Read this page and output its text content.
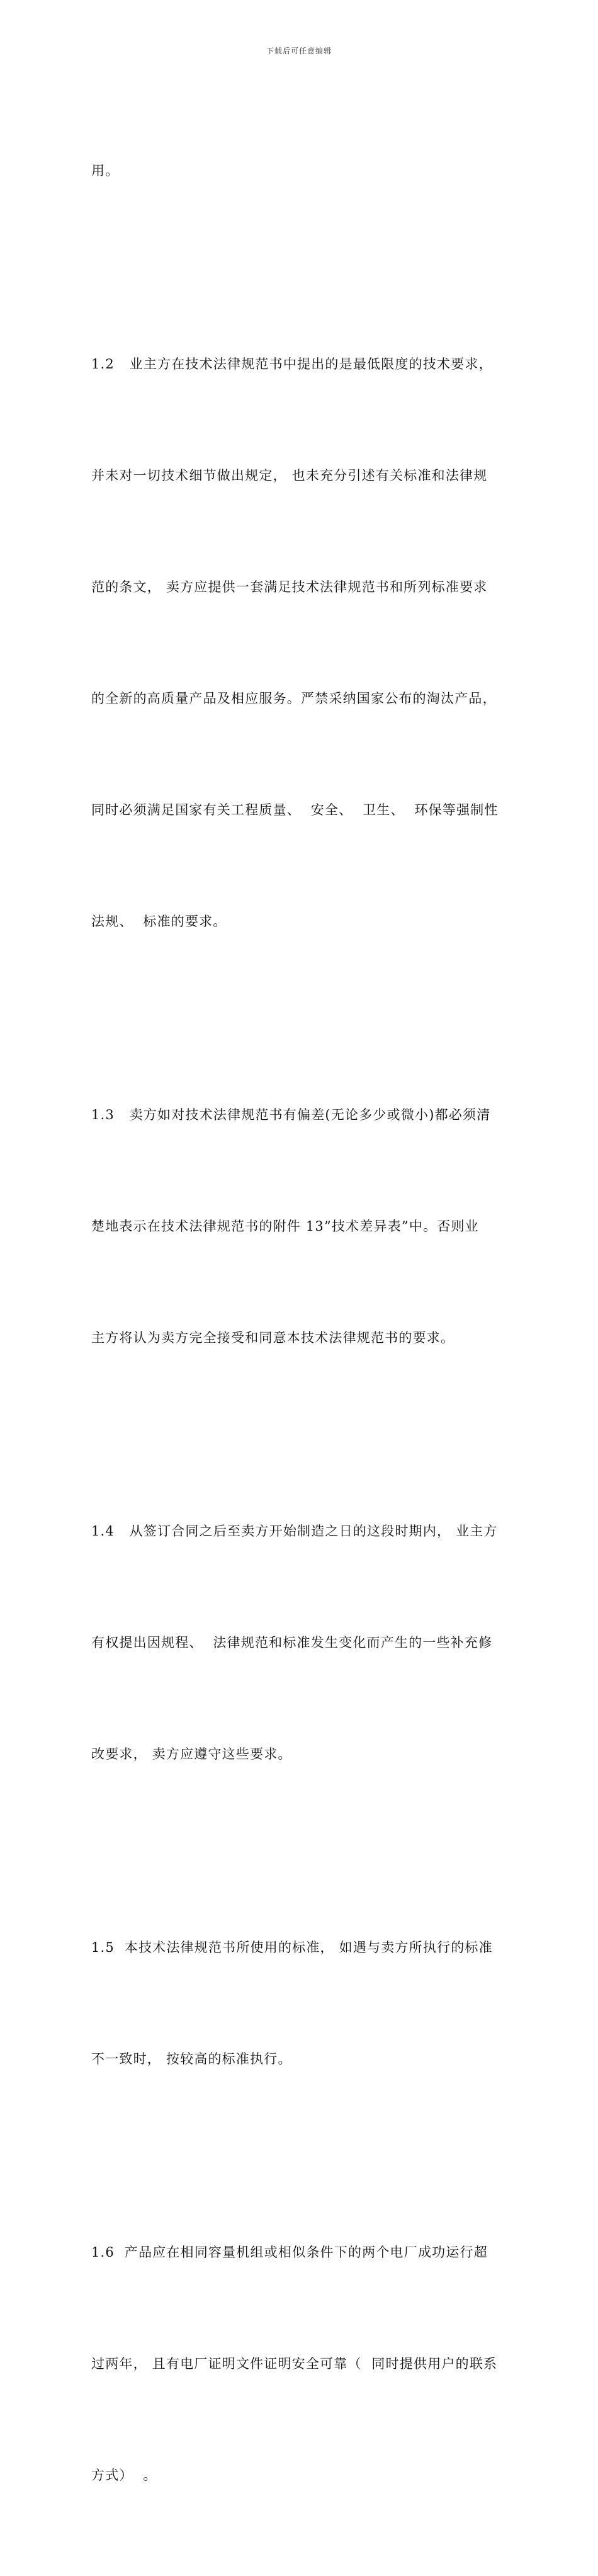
下载后可任意编辑

用。

1.2   业主方在技术法律规范书中提出的是最低限度的技术要求，

并未对一切技术细节做出规定， 也未充分引述有关标准和法律规

范的条文， 卖方应提供一套满足技术法律规范书和所列标准要求

的全新的高质量产品及相应服务。严禁采纳国家公布的淘汰产品，

同时必须满足国家有关工程质量、  安全、  卫生、  环保等强制性

法规、  标准的要求。

1.3   卖方如对技术法律规范书有偏差(无论多少或微小)都必须清

楚地表示在技术法律规范书的附件 13”技术差异表”中。否则业

主方将认为卖方完全接受和同意本技术法律规范书的要求。

1.4   从签订合同之后至卖方开始制造之日的这段时期内， 业主方

有权提出因规程、  法律规范和标准发生变化而产生的一些补充修

改要求， 卖方应遵守这些要求。

1.5  本技术法律规范书所使用的标准， 如遇与卖方所执行的标准

不一致时， 按较高的标准执行。

1.6  产品应在相同容量机组或相似条件下的两个电厂成功运行超

过两年， 且有电厂证明文件证明安全可靠（  同时提供用户的联系

方式）  。
